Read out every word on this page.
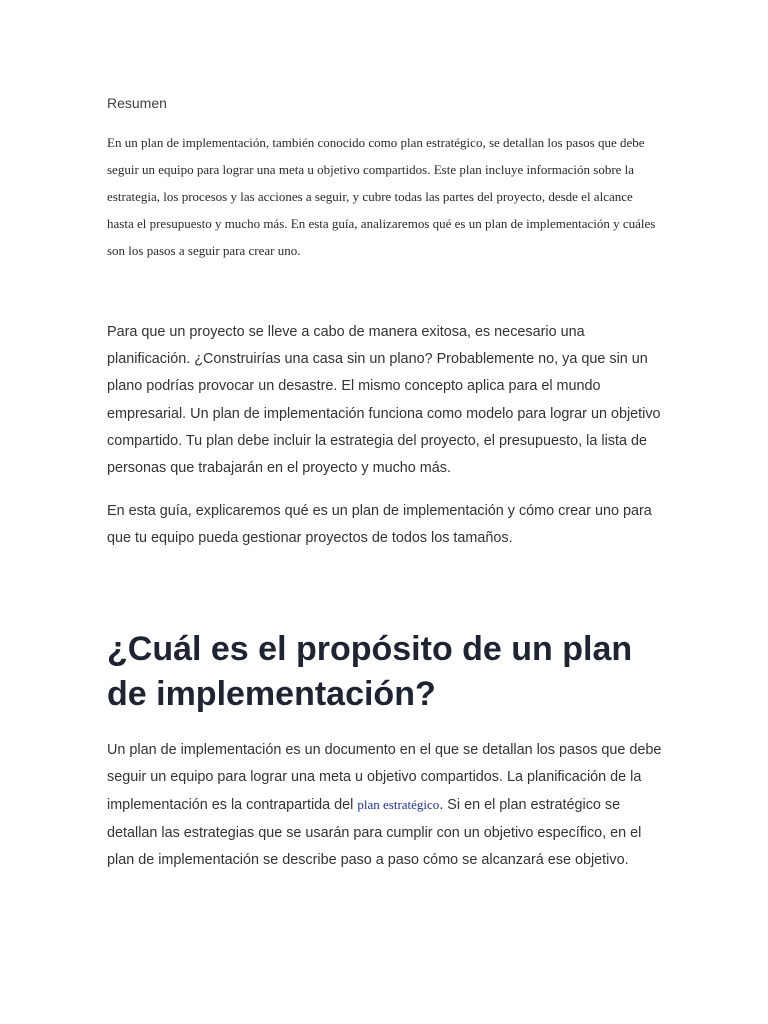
Resumen

En un plan de implementación, también conocido como plan estratégico, se detallan los pasos que debe seguir un equipo para lograr una meta u objetivo compartidos. Este plan incluye información sobre la estrategia, los procesos y las acciones a seguir, y cubre todas las partes del proyecto, desde el alcance hasta el presupuesto y mucho más. En esta guía, analizaremos qué es un plan de implementación y cuáles son los pasos a seguir para crear uno.

Para que un proyecto se lleve a cabo de manera exitosa, es necesario una planificación. ¿Construirías una casa sin un plano? Probablemente no, ya que sin un plano podrías provocar un desastre. El mismo concepto aplica para el mundo empresarial. Un plan de implementación funciona como modelo para lograr un objetivo compartido. Tu plan debe incluir la estrategia del proyecto, el presupuesto, la lista de personas que trabajarán en el proyecto y mucho más.

En esta guía, explicaremos qué es un plan de implementación y cómo crear uno para que tu equipo pueda gestionar proyectos de todos los tamaños.

¿Cuál es el propósito de un plan de implementación?

Un plan de implementación es un documento en el que se detallan los pasos que debe seguir un equipo para lograr una meta u objetivo compartidos. La planificación de la implementación es la contrapartida del plan estratégico. Si en el plan estratégico se detallan las estrategias que se usarán para cumplir con un objetivo específico, en el plan de implementación se describe paso a paso cómo se alcanzará ese objetivo.
